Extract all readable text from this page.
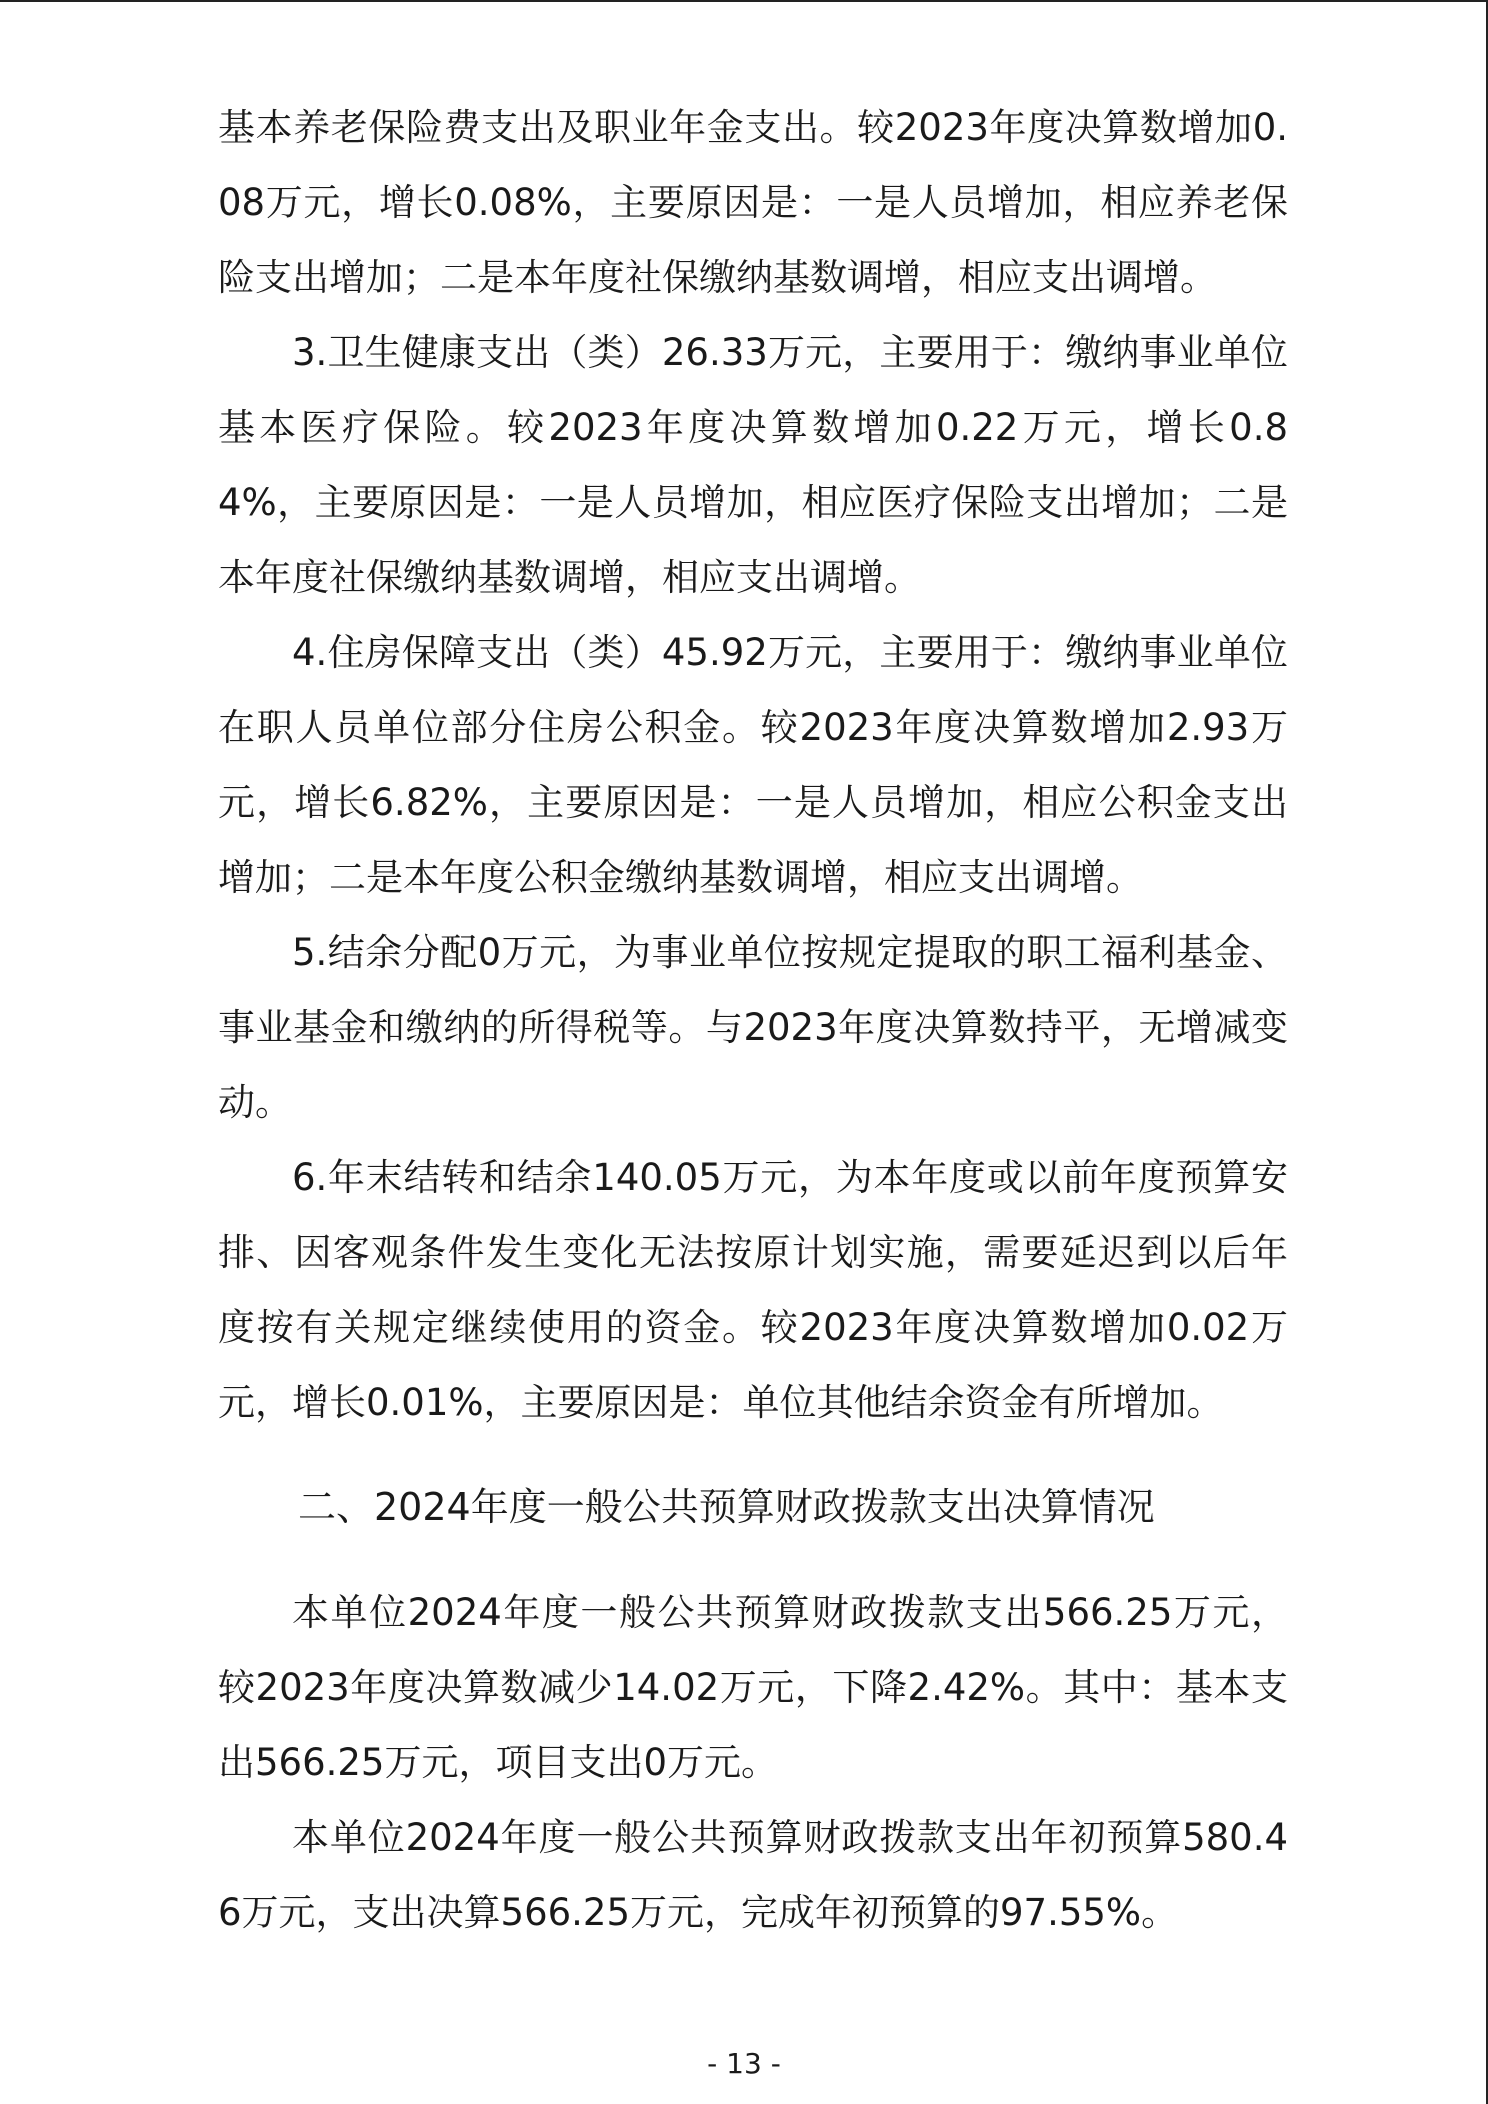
基本养老保险费支出及职业年金支出。较2023年度决算数增加0.08万元，增长0.08%，主要原因是：一是人员增加，相应养老保险支出增加；二是本年度社保缴纳基数调增，相应支出调增。

3.卫生健康支出（类）26.33万元，主要用于：缴纳事业单位基本医疗保险。较2023年度决算数增加0.22万元，增长0.84%，主要原因是：一是人员增加，相应医疗保险支出增加；二是本年度社保缴纳基数调增，相应支出调增。

4.住房保障支出（类）45.92万元，主要用于：缴纳事业单位在职人员单位部分住房公积金。较2023年度决算数增加2.93万元，增长6.82%，主要原因是：一是人员增加，相应公积金支出增加；二是本年度公积金缴纳基数调增，相应支出调增。

5.结余分配0万元，为事业单位按规定提取的职工福利基金、事业基金和缴纳的所得税等。与2023年度决算数持平，无增减变动。

6.年末结转和结余140.05万元，为本年度或以前年度预算安排、因客观条件发生变化无法按原计划实施，需要延迟到以后年度按有关规定继续使用的资金。较2023年度决算数增加0.02万元，增长0.01%，主要原因是：单位其他结余资金有所增加。

二、2024年度一般公共预算财政拨款支出决算情况

本单位2024年度一般公共预算财政拨款支出566.25万元，较2023年度决算数减少14.02万元，下降2.42%。其中：基本支出566.25万元，项目支出0万元。

本单位2024年度一般公共预算财政拨款支出年初预算580.46万元，支出决算566.25万元，完成年初预算的97.55%。

- 13 -
